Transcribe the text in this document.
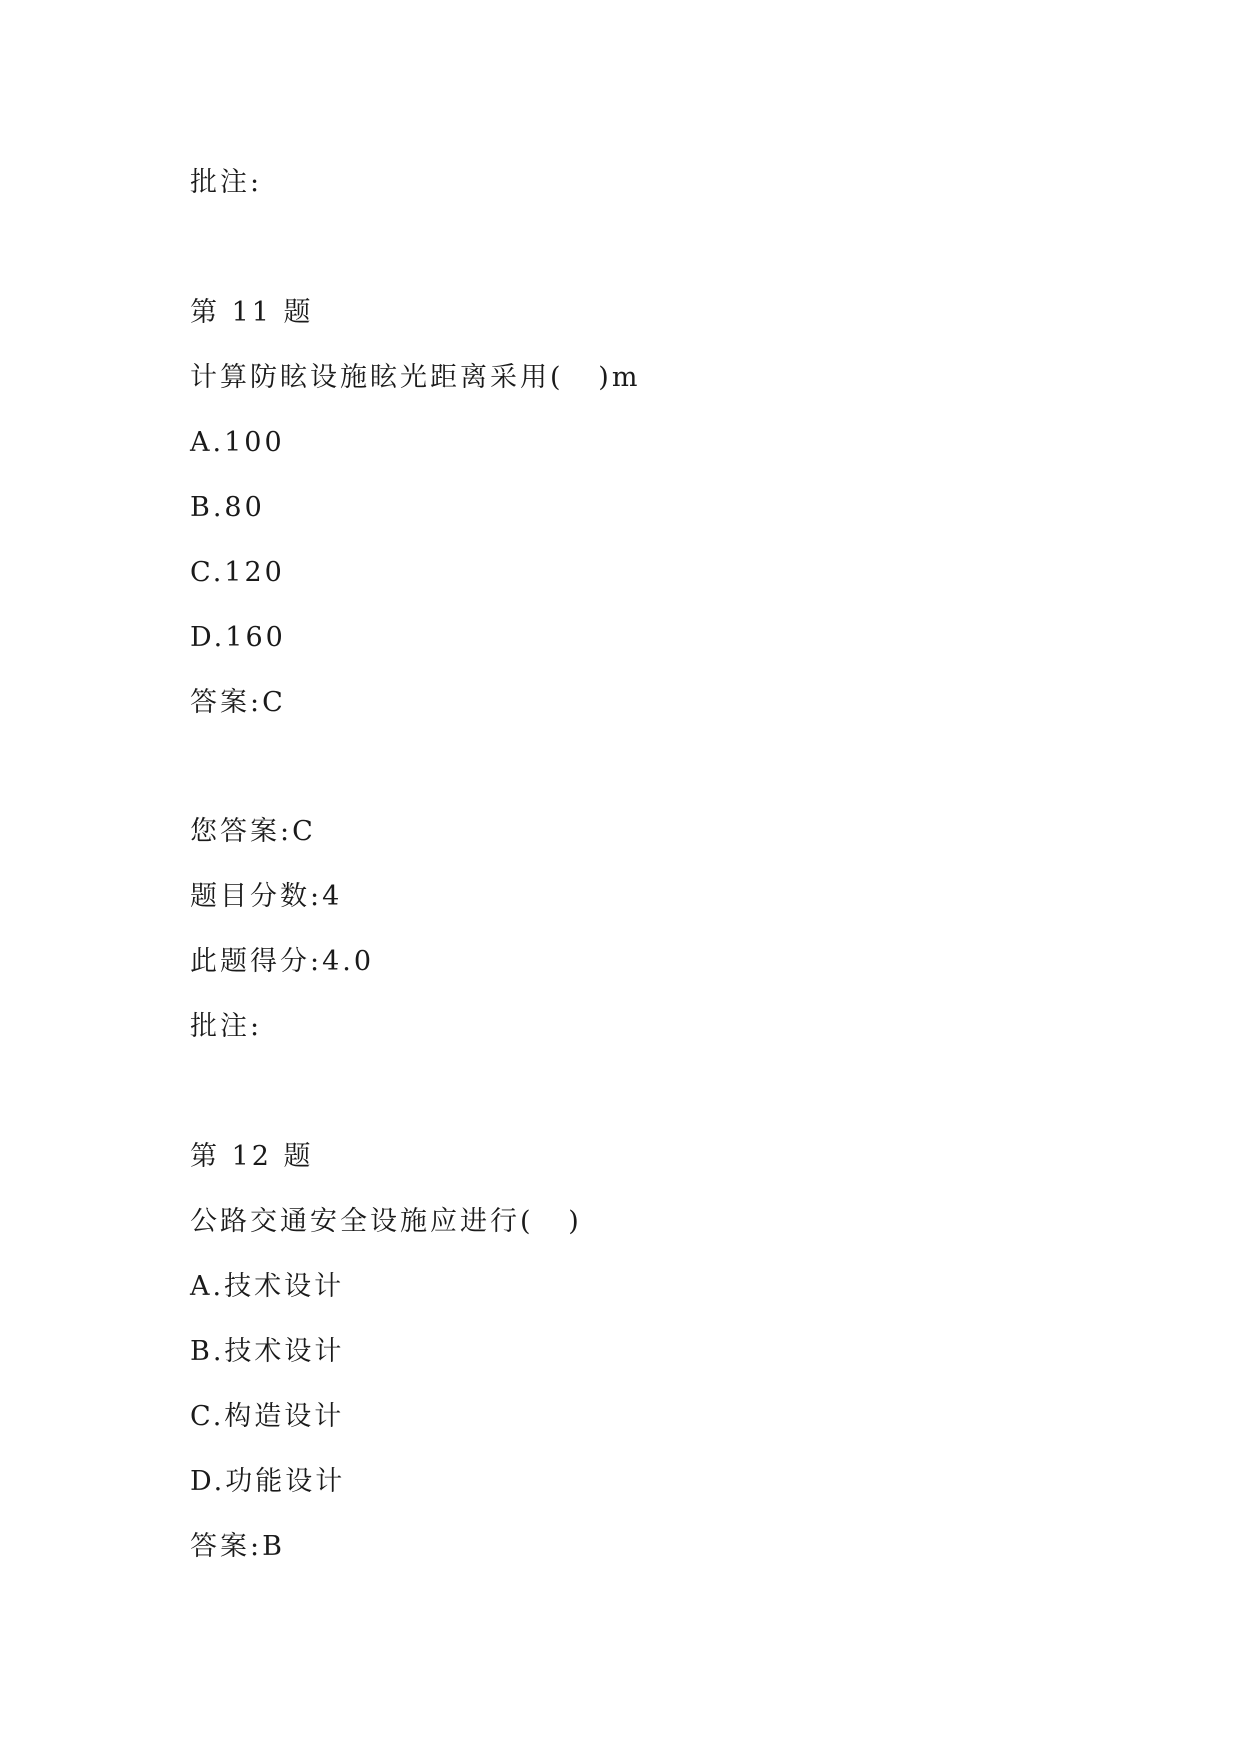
批注:
第 11 题
计算防眩设施眩光距离采用(   )m
A.100
B.80
C.120
D.160
答案:C
您答案:C
题目分数:4
此题得分:4.0
批注:
第 12 题
公路交通安全设施应进行(   )
A.技术设计
B.技术设计
C.构造设计
D.功能设计
答案:B
